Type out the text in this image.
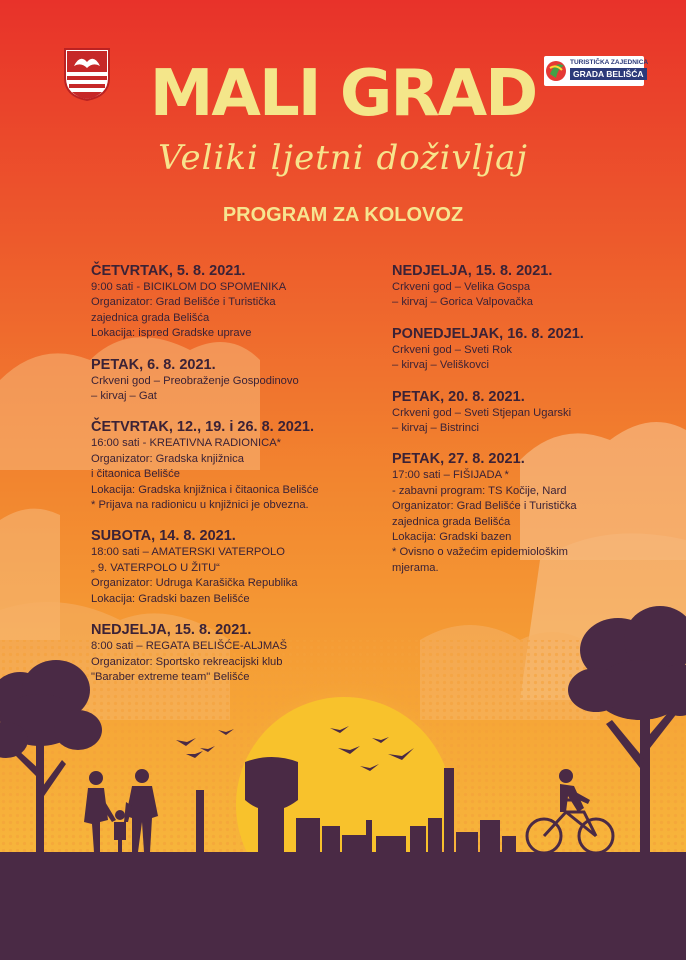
TURISTIČKA ZAJEDNICA
GRADA BELIŠĆA
MALI GRAD
Veliki ljetni doživljaj
PROGRAM ZA KOLOVOZ
ČETVRTAK, 5. 8. 2021.
9:00 sati - BICIKLOM DO SPOMENIKA
Organizator: Grad Belišće i Turistička
zajednica grada Belišća
Lokacija: ispred Gradske uprave
PETAK, 6. 8. 2021.
Crkveni god – Preobraženje Gospodinovo
– kirvaj – Gat
ČETVRTAK, 12., 19. i 26. 8. 2021.
16:00 sati - KREATIVNA RADIONICA*
Organizator: Gradska knjižnica
i čitaonica Belišće
Lokacija: Gradska knjižnica i čitaonica Belišće
* Prijava na radionicu u knjižnici je obvezna.
SUBOTA, 14. 8. 2021.
18:00 sati – AMATERSKI VATERPOLO
„ 9. VATERPOLO U ŽITU“
Organizator: Udruga Karašička Republika
Lokacija: Gradski bazen Belišće
NEDJELJA, 15. 8. 2021.
8:00 sati – REGATA BELIŠĆE-ALJMAŠ
Organizator: Sportsko rekreacijski klub
"Baraber extreme team" Belišće
NEDJELJA, 15. 8. 2021.
Crkveni god – Velika Gospa
– kirvaj – Gorica Valpovačka
PONEDJELJAK, 16. 8. 2021.
Crkveni god – Sveti Rok
– kirvaj – Veliškovci
PETAK, 20. 8. 2021.
Crkveni god – Sveti Stjepan Ugarski
– kirvaj – Bistrinci
PETAK, 27. 8. 2021.
17:00 sati – FIŠIJADA *
- zabavni program: TS Kočije, Nard
Organizator: Grad Belišće i Turistička
zajednica grada Belišća
Lokacija: Gradski bazen
* Ovisno o važećim epidemiološkim
mjerama.
